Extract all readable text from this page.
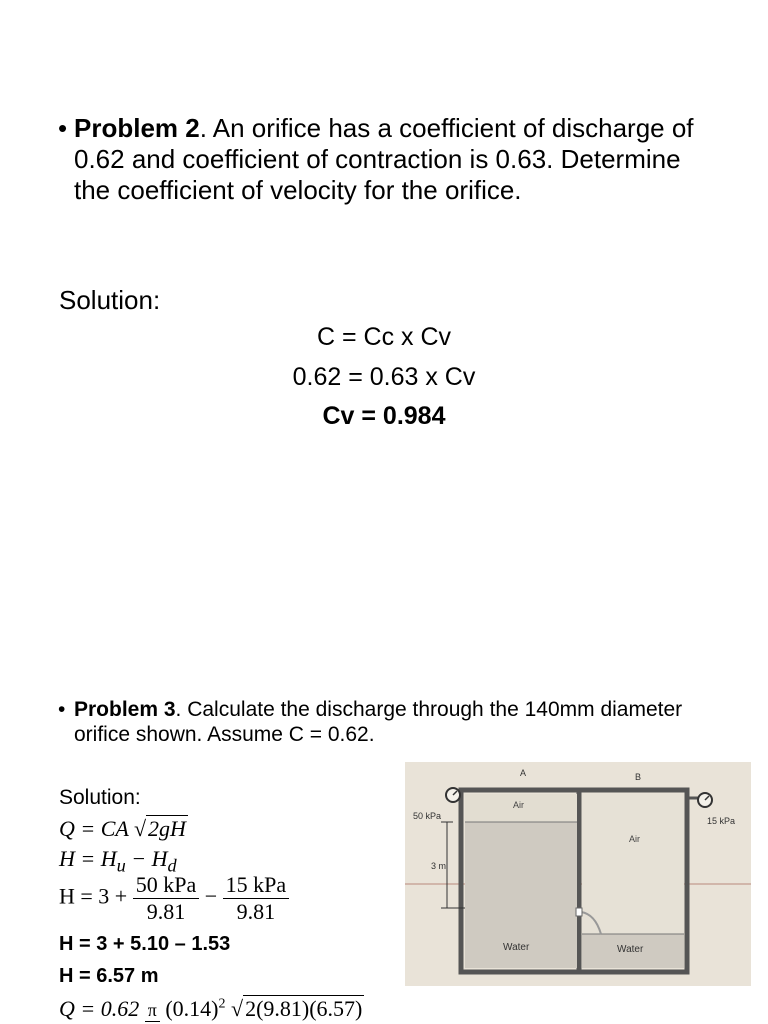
• Problem 2. An orifice has a coefficient of discharge of 0.62 and coefficient of contraction is 0.63. Determine the coefficient of velocity for the orifice.
Solution:
C = Cc x Cv
0.62 = 0.63 x Cv
Cv = 0.984
• Problem 3. Calculate the discharge through the 140mm diameter orifice shown. Assume C = 0.62.
Solution:
Q = CA √2gH
$H = H_u - H_d$
$H = 3 + \frac{\text{50 kPa}}{9.81} - \frac{\text{15 kPa}}{9.81}$
H = 3 + 5.10 – 1.53
H = 6.57 m
Q = 0.62 π $(0.14)^2$ √2(9.81)(6.57)
A	B
Air
Air
50 kPa	15 kPa
3 m
Water	Water
